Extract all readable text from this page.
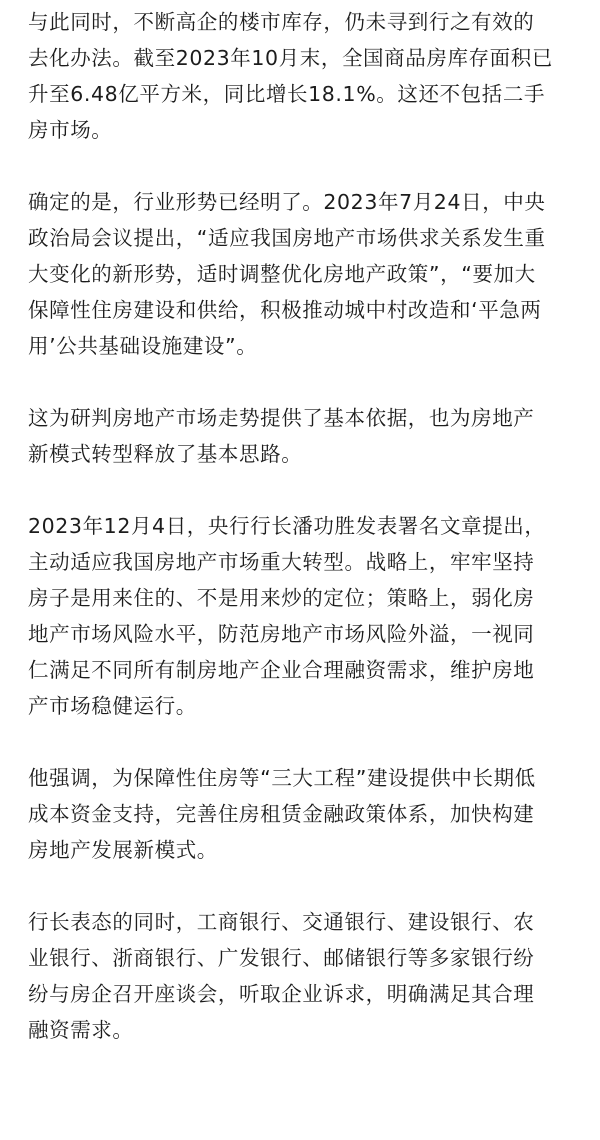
与此同时，不断高企的楼市库存，仍未寻到行之有效的
去化办法。截至2023年10月末，全国商品房库存面积已
升至6.48亿平方米，同比增长18.1%。这还不包括二手
房市场。

确定的是，行业形势已经明了。2023年7月24日，中央
政治局会议提出，“适应我国房地产市场供求关系发生重
大变化的新形势，适时调整优化房地产政策”，“要加大
保障性住房建设和供给，积极推动城中村改造和‘平急两
用’公共基础设施建设”。

这为研判房地产市场走势提供了基本依据，也为房地产
新模式转型释放了基本思路。

2023年12月4日，央行行长潘功胜发表署名文章提出，
主动适应我国房地产市场重大转型。战略上，牢牢坚持
房子是用来住的、不是用来炒的定位；策略上，弱化房
地产市场风险水平，防范房地产市场风险外溢，一视同
仁满足不同所有制房地产企业合理融资需求，维护房地
产市场稳健运行。

他强调，为保障性住房等“三大工程”建设提供中长期低
成本资金支持，完善住房租赁金融政策体系，加快构建
房地产发展新模式。

行长表态的同时，工商银行、交通银行、建设银行、农
业银行、浙商银行、广发银行、邮储银行等多家银行纷
纷与房企召开座谈会，听取企业诉求，明确满足其合理
融资需求。
